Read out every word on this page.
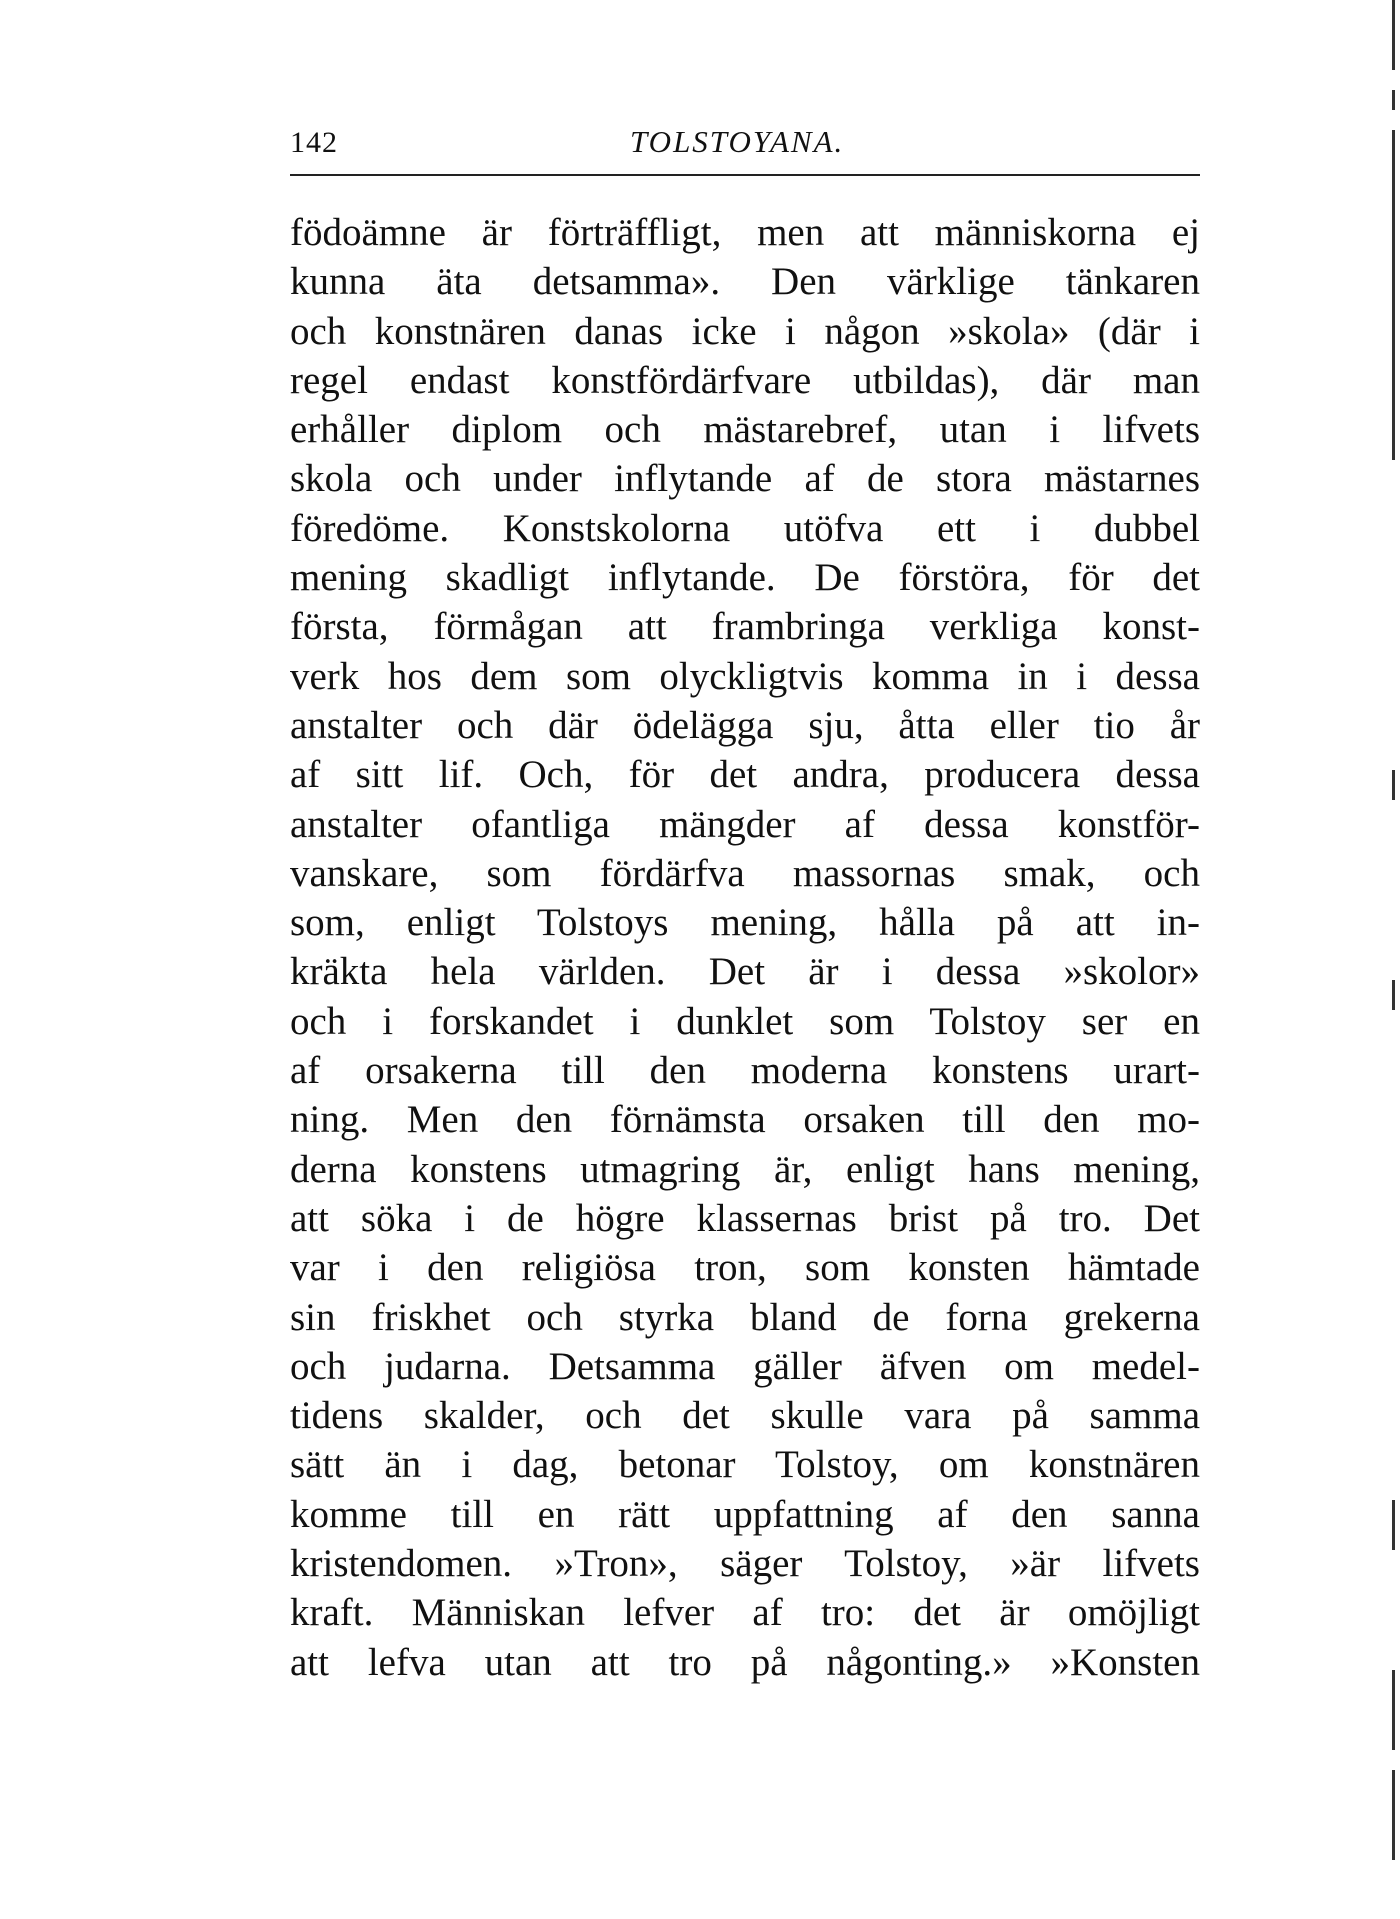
142	TOLSTOYANA.
födoämne är förträffligt, men att människorna ej
kunna äta detsamma». Den värklige tänkaren
och konstnären danas icke i någon »skola» (där i
regel endast konstfördärfvare utbildas), där man
erhåller diplom och mästarebref, utan i lifvets
skola och under inflytande af de stora mästarnes
föredöme. Konstskolorna utöfva ett i dubbel
mening skadligt inflytande. De förstöra, för det
första, förmågan att frambringa verkliga konst-
verk hos dem som olyckligtvis komma in i dessa
anstalter och där ödelägga sju, åtta eller tio år
af sitt lif. Och, för det andra, producera dessa
anstalter ofantliga mängder af dessa konstför-
vanskare, som fördärfva massornas smak, och
som, enligt Tolstoys mening, hålla på att in-
kräkta hela världen. Det är i dessa »skolor»
och i forskandet i dunklet som Tolstoy ser en
af orsakerna till den moderna konstens urart-
ning. Men den förnämsta orsaken till den mo-
derna konstens utmagring är, enligt hans mening,
att söka i de högre klassernas brist på tro. Det
var i den religiösa tron, som konsten hämtade
sin friskhet och styrka bland de forna grekerna
och judarna. Detsamma gäller äfven om medel-
tidens skalder, och det skulle vara på samma
sätt än i dag, betonar Tolstoy, om konstnären
komme till en rätt uppfattning af den sanna
kristendomen. »Tron», säger Tolstoy, »är lifvets
kraft. Människan lefver af tro: det är omöjligt
att lefva utan att tro på någonting.» »Konsten
